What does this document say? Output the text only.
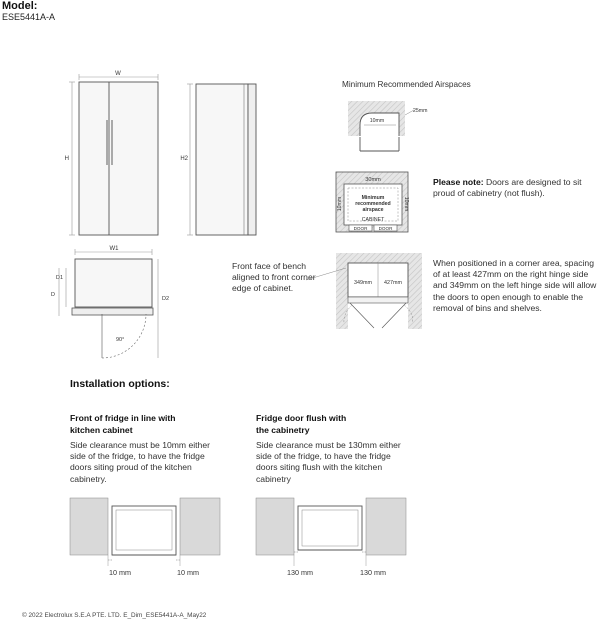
Model:
ESE5441A-A
W
H	H2
W1
90°
D1
D
D2
Minimum Recommended Airspaces
10mm
25mm
30mm
10mm	10mm
Minimum
recommended
airspace
CABINET
DOOR DOOR
349mm 427mm
10 mm	10 mm	130 mm	130 mm
Please note: Doors are designed to sit proud of cabinetry (not flush).
Front face of bench aligned to front corner edge of cabinet.
When positioned in a corner area, spacing of at least 427mm on the right hinge side and 349mm on the left hinge side will allow the doors to open enough to enable the removal of bins and shelves.
Installation options:
Front of fridge in line with
kitchen cabinet
Side clearance must be 10mm either side of the fridge, to have the fridge doors siting proud of the kitchen cabinetry.
Fridge door flush with
the cabinetry
Side clearance must be 130mm either side of the fridge, to have the fridge doors siting flush with the kitchen cabinetry
© 2022 Electrolux S.E.A PTE. LTD. E_Dim_ESE5441A-A_May22
